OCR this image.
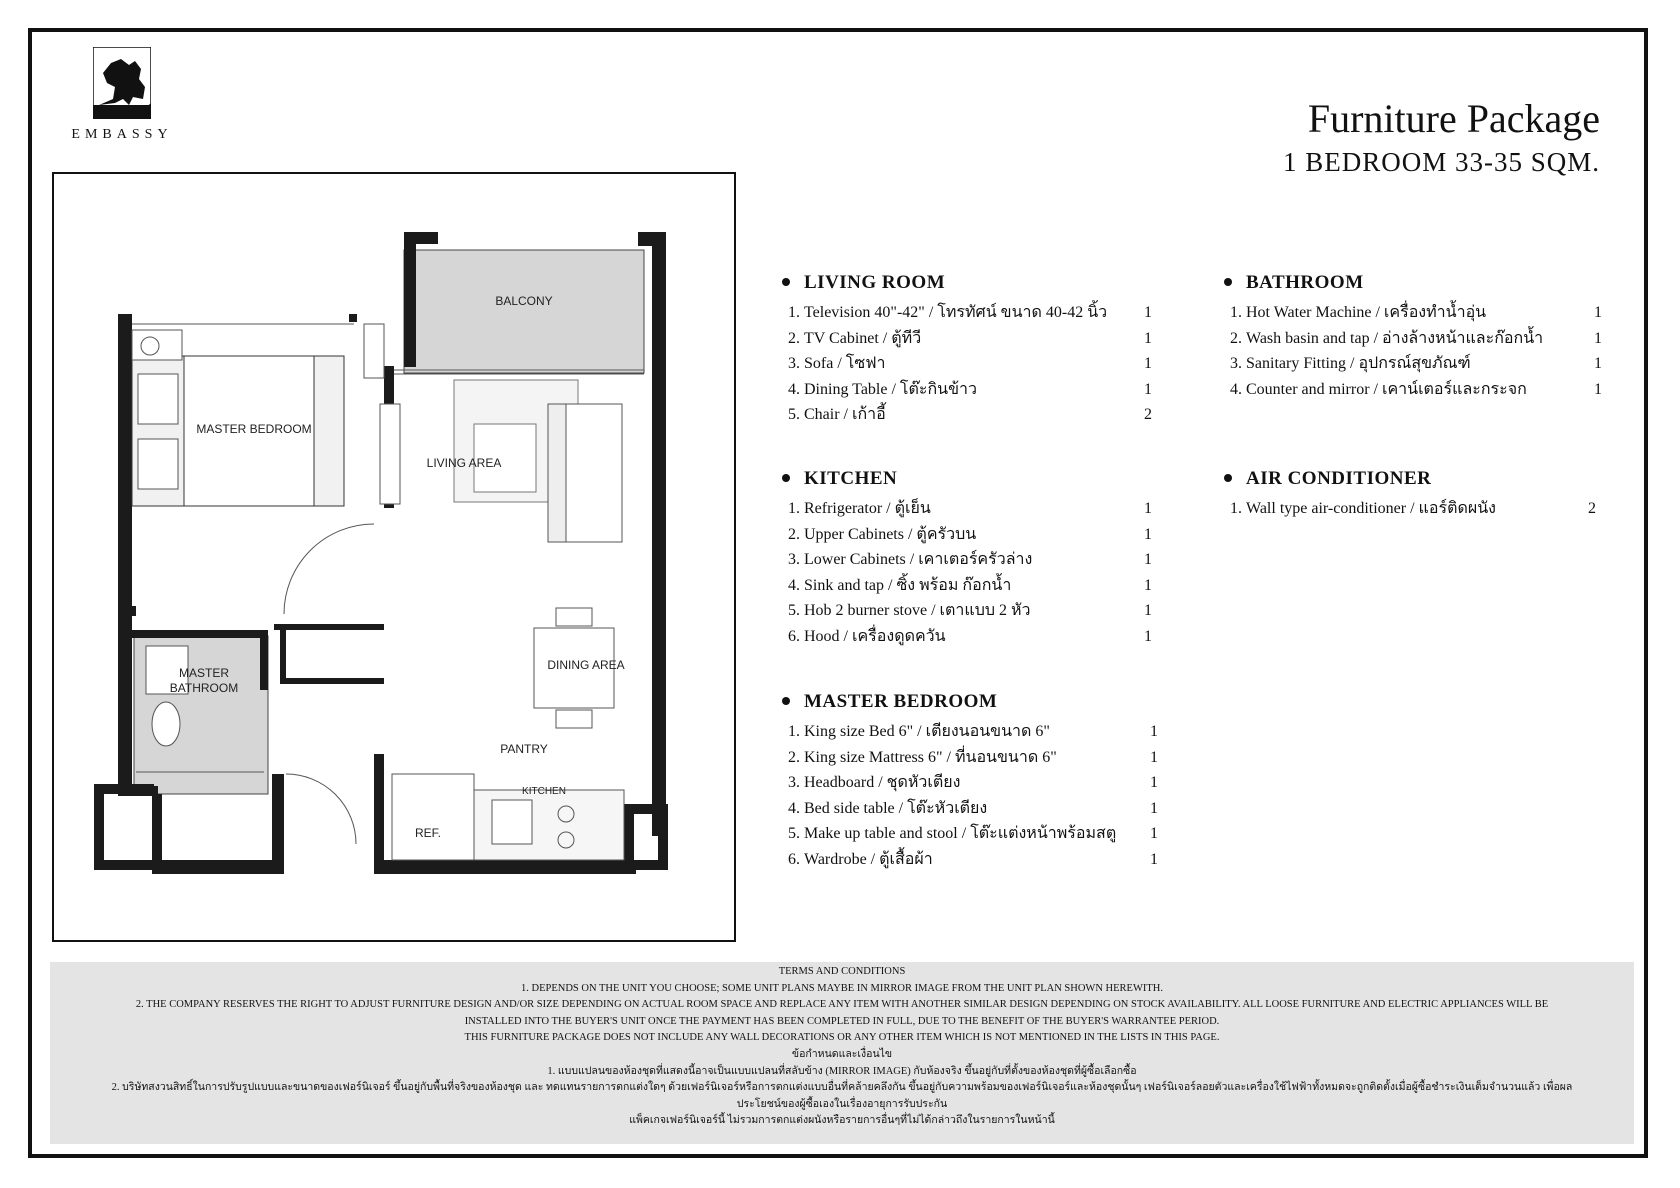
EMBASSY	Furniture Package
1 BEDROOM 33-35 SQM.
BALCONY
MASTER BEDROOM
LIVING AREA
MASTER
BATHROOM
DINING AREA
PANTRY
KITCHEN
REF.
LIVING ROOM
1. Television 40"-42" / โทรทัศน์ ขนาด 40-42 นิ้ว 1
2. TV Cabinet / ตู้ทีวี	1
3. Sofa / โซฟา	1
4. Dining Table / โต๊ะกินข้าว	1
5. Chair / เก้าอี้	2
KITCHEN
1. Refrigerator / ตู้เย็น	1
2. Upper Cabinets / ตู้ครัวบน	1
3. Lower Cabinets / เคาเตอร์ครัวล่าง	1
4. Sink and tap / ซิ้ง พร้อม ก๊อกน้ำ	1
5. Hob 2 burner stove / เตาแบบ 2 หัว	1
6. Hood / เครื่องดูดควัน	1
MASTER BEDROOM
1. King size Bed 6" / เตียงนอนขนาด 6"	1
2. King size Mattress 6" / ที่นอนขนาด 6"	1
3. Headboard / ชุดหัวเตียง	1
4. Bed side table / โต๊ะหัวเตียง	1
5. Make up table and stool / โต๊ะแต่งหน้าพร้อมสตู 1
6. Wardrobe / ตู้เสื้อผ้า	1
BATHROOM
1. Hot Water Machine / เครื่องทำน้ำอุ่น	1
2. Wash basin and tap / อ่างล้างหน้าและก๊อกน้ำ	1
3. Sanitary Fitting / อุปกรณ์สุขภัณฑ์	1
4. Counter and mirror / เคาน์เตอร์และกระจก	1
AIR CONDITIONER
1. Wall type air-conditioner / แอร์ติดผนัง	2
TERMS AND CONDITIONS
1. DEPENDS ON THE UNIT YOU CHOOSE; SOME UNIT PLANS MAYBE IN MIRROR IMAGE FROM THE UNIT PLAN SHOWN HEREWITH.
2. THE COMPANY RESERVES THE RIGHT TO ADJUST FURNITURE DESIGN AND/OR SIZE DEPENDING ON ACTUAL ROOM SPACE AND REPLACE ANY ITEM WITH ANOTHER SIMILAR DESIGN DEPENDING ON STOCK AVAILABILITY. ALL LOOSE FURNITURE AND ELECTRIC APPLIANCES WILL BE INSTALLED INTO THE BUYER'S UNIT ONCE THE PAYMENT HAS BEEN COMPLETED IN FULL, DUE TO THE BENEFIT OF THE BUYER'S WARRANTEE PERIOD.
THIS FURNITURE PACKAGE DOES NOT INCLUDE ANY WALL DECORATIONS OR ANY OTHER ITEM WHICH IS NOT MENTIONED IN THE LISTS IN THIS PAGE.
ข้อกำหนดและเงื่อนไข
1. แบบแปลนของห้องชุดที่แสดงนี้อาจเป็นแบบแปลนที่สลับข้าง (MIRROR IMAGE) กับห้องจริง ขึ้นอยู่กับที่ตั้งของห้องชุดที่ผู้ซื้อเลือกซื้อ
2. บริษัทสงวนสิทธิ์ในการปรับรูปแบบและขนาดของเฟอร์นิเจอร์ ขึ้นอยู่กับพื้นที่จริงของห้องชุด และ ทดแทนรายการตกแต่งใดๆ ด้วยเฟอร์นิเจอร์หรือการตกแต่งแบบอื่นที่คล้ายคลึงกัน ขึ้นอยู่กับความพร้อมของเฟอร์นิเจอร์และห้องชุดนั้นๆ เฟอร์นิเจอร์ลอยตัวและเครื่องใช้ไฟฟ้าทั้งหมดจะถูกติดตั้งเมื่อผู้ซื้อชำระเงินเต็มจำนวนแล้ว เพื่อผลประโยชน์ของผู้ซื้อเองในเรื่องอายุการรับประกัน
แพ็คเกจเฟอร์นิเจอร์นี้ ไม่รวมการตกแต่งผนังหรือรายการอื่นๆที่ไม่ได้กล่าวถึงในรายการในหน้านี้
